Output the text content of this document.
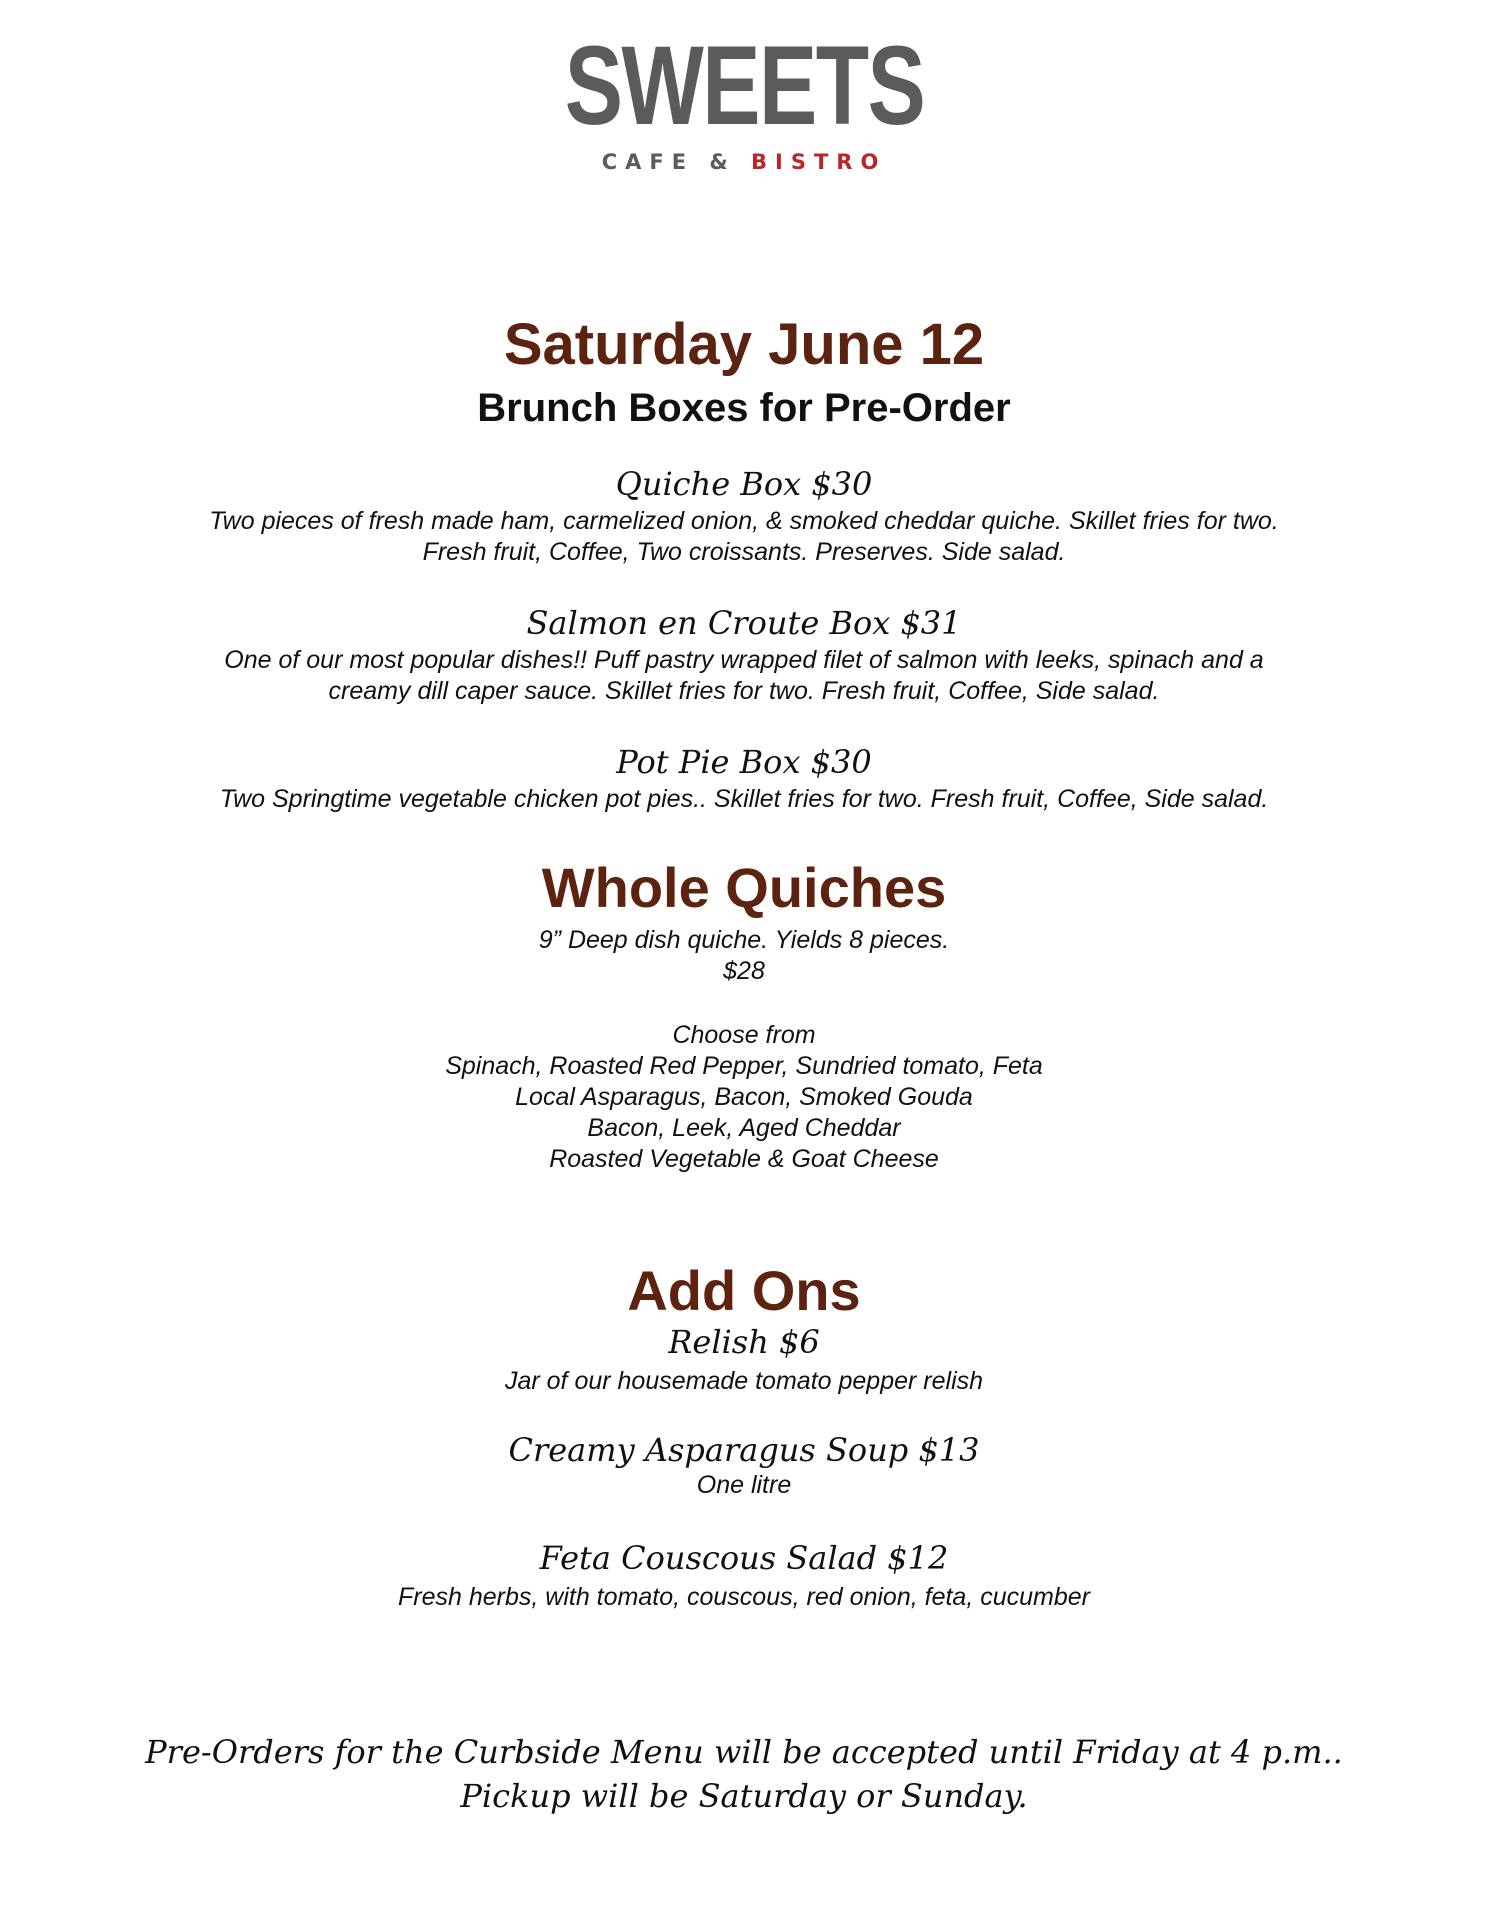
SWEETS
CAFE & BISTRO
Saturday June 12
Brunch Boxes for Pre-Order
Quiche Box $30
Two pieces of fresh made ham, carmelized onion, & smoked cheddar quiche. Skillet fries for two.
Fresh fruit, Coffee, Two croissants. Preserves. Side salad.
Salmon en Croute Box $31
One of our most popular dishes!! Puff pastry wrapped filet of salmon with leeks, spinach and a
creamy dill caper sauce. Skillet fries for two. Fresh fruit, Coffee, Side salad.
Pot Pie Box $30
Two Springtime vegetable chicken pot pies.. Skillet fries for two. Fresh fruit, Coffee, Side salad.
Whole Quiches
9” Deep dish quiche. Yields 8 pieces.
$28
Choose from
Spinach, Roasted Red Pepper, Sundried tomato, Feta
Local Asparagus, Bacon, Smoked Gouda
Bacon, Leek, Aged Cheddar
Roasted Vegetable & Goat Cheese
Add Ons
Relish $6
Jar of our housemade tomato pepper relish
Creamy Asparagus Soup $13
One litre
Feta Couscous Salad $12
Fresh herbs, with tomato, couscous, red onion, feta, cucumber
Pre-Orders for the Curbside Menu will be accepted until Friday at 4 p.m..
Pickup will be Saturday or Sunday.
